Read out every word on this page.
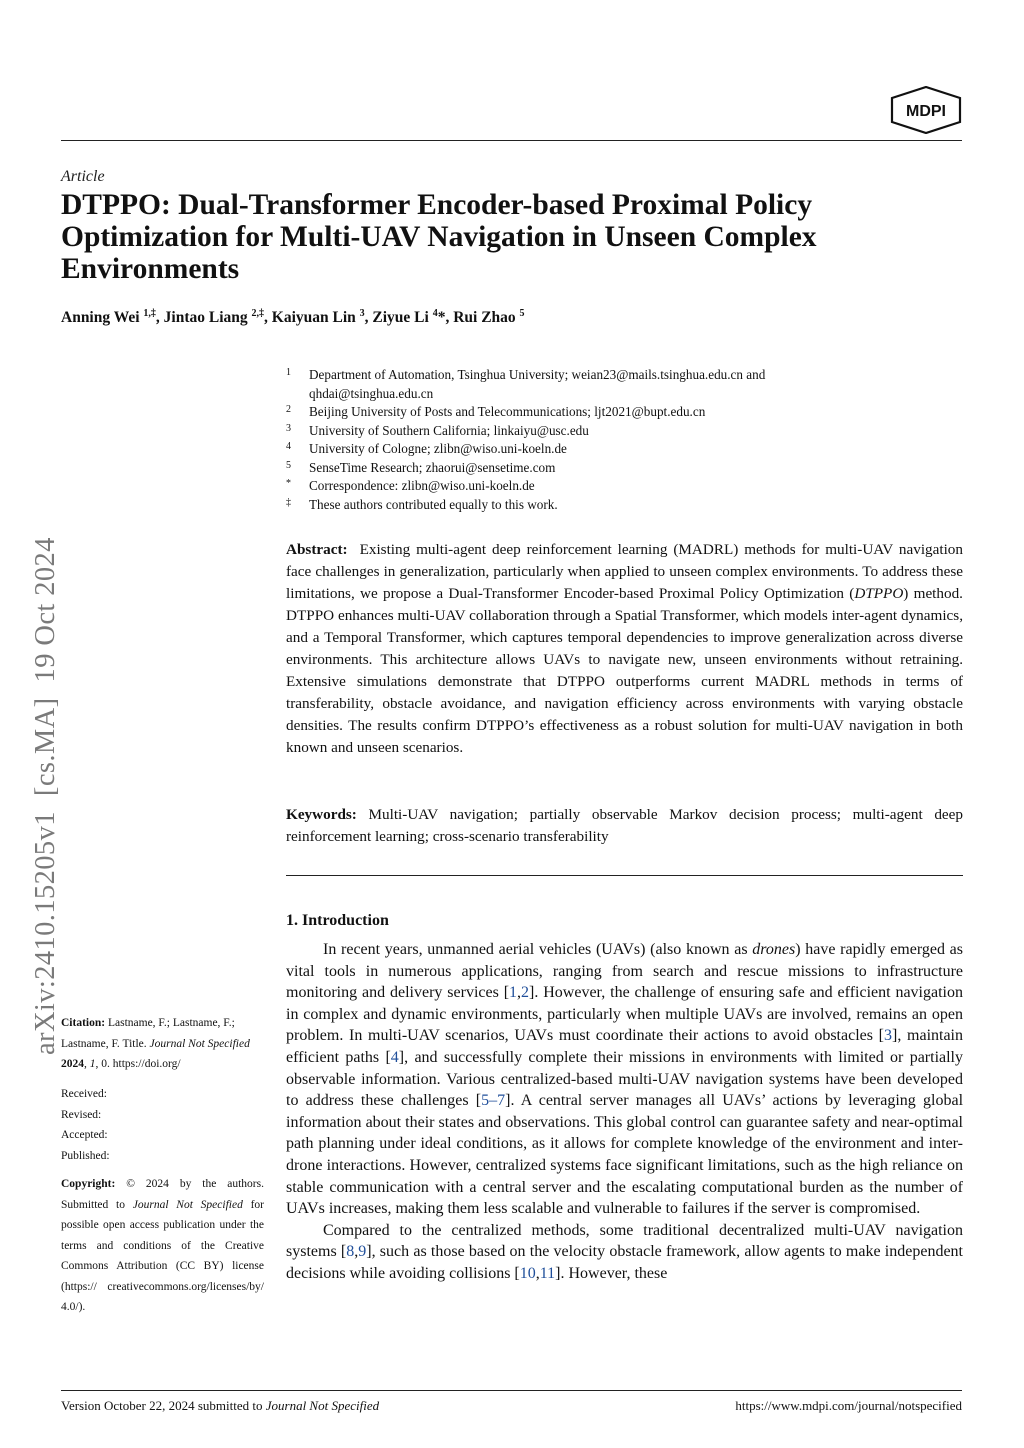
MDPI
Article
DTPPO: Dual-Transformer Encoder-based Proximal Policy Optimization for Multi-UAV Navigation in Unseen Complex Environments
Anning Wei $^{1,\ddagger}$, Jintao Liang $^{2,\ddagger}$, Kaiyuan Lin $^3$, Ziyue Li $^4$*, Rui Zhao $^5$
1 Department of Automation, Tsinghua University; weian23@mails.tsinghua.edu.cn and
qhdai@tsinghua.edu.cn
2 Beijing University of Posts and Telecommunications; ljt2021@bupt.edu.cn
3 University of Southern California; linkaiyu@usc.edu
4 University of Cologne; zlibn@wiso.uni-koeln.de
5 SenseTime Research; zhaorui@sensetime.com
* Correspondence: zlibn@wiso.uni-koeln.de
‡ These authors contributed equally to this work.
arXiv:2410.15205v1  [cs.MA]  19 Oct 2024 Citation: Lastname, F.; Lastname, F.; Lastname, F. Title. Journal Not Specified
2024, 1, 0. https://doi.org/
Received:
Revised:
Accepted:
Published:
Copyright: © 2024 by the authors. Submitted to Journal Not Specified for possible open access publication under the terms and conditions of the Creative Commons Attribution (CC BY) license (https:// creativecommons.org/licenses/by/ 4.0/).
Abstract: Existing multi-agent deep reinforcement learning (MADRL) methods for multi-UAV navigation face challenges in generalization, particularly when applied to unseen complex environments. To address these limitations, we propose a Dual-Transformer Encoder-based Proximal Policy Optimization (DTPPO) method. DTPPO enhances multi-UAV collaboration through a Spatial Transformer, which models inter-agent dynamics, and a Temporal Transformer, which captures temporal dependencies to improve generalization across diverse environments. This architecture allows UAVs to navigate new, unseen environments without retraining. Extensive simulations demonstrate that DTPPO outperforms current MADRL methods in terms of transferability, obstacle avoidance, and navigation efficiency across environments with varying obstacle densities. The results confirm DTPPO’s effectiveness as a robust solution for multi-UAV navigation in both known and unseen scenarios.
Keywords: Multi-UAV navigation; partially observable Markov decision process; multi-agent deep reinforcement learning; cross-scenario transferability
1. Introduction

In recent years, unmanned aerial vehicles (UAVs) (also known as drones) have rapidly emerged as vital tools in numerous applications, ranging from search and rescue missions to infrastructure monitoring and delivery services [1,2]. However, the challenge of ensuring safe and efficient navigation in complex and dynamic environments, particularly when multiple UAVs are involved, remains an open problem. In multi-UAV scenarios, UAVs must coordinate their actions to avoid obstacles [3], maintain efficient paths [4], and successfully complete their missions in environments with limited or partially observable information. Various centralized-based multi-UAV navigation systems have been developed to address these challenges [5–7]. A central server manages all UAVs’ actions by leveraging global information about their states and observations. This global control can guarantee safety and near-optimal path planning under ideal conditions, as it allows for complete knowledge of the environment and inter-drone interactions. However, centralized systems face significant limitations, such as the high reliance on stable communication with a central server and the escalating computational burden as the number of UAVs increases, making them less scalable and vulnerable to failures if the server is compromised.

Compared to the centralized methods, some traditional decentralized multi-UAV navigation systems [8,9], such as those based on the velocity obstacle framework, allow agents to make independent decisions while avoiding collisions [10,11]. However, these

Version October 22, 2024 submitted to Journal Not Specified	https://www.mdpi.com/journal/notspecified
